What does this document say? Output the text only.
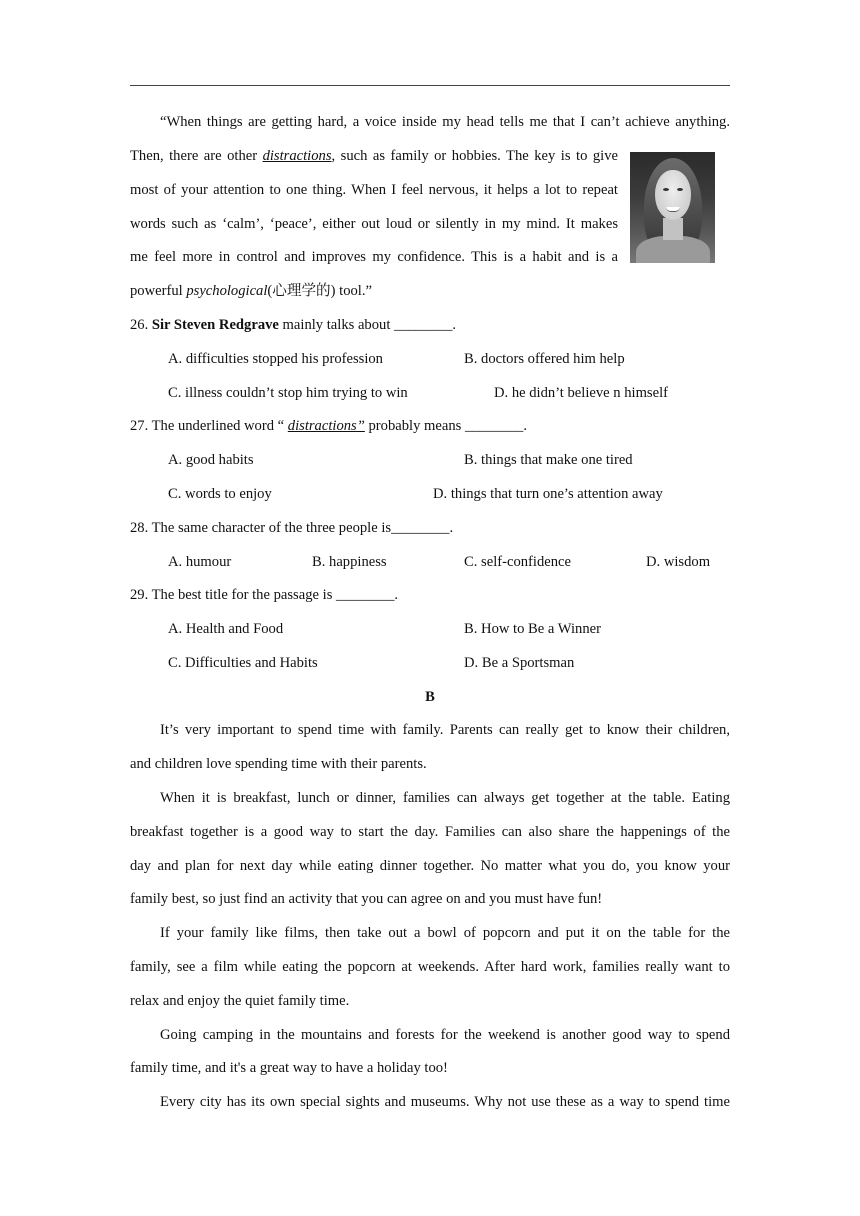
“When things are getting hard, a voice inside my head tells me that I can’t achieve anything.
Then, there are other distractions, such as family or hobbies. The key is to give
most of your attention to one thing. When I feel nervous, it helps a lot to repeat
words such as ‘calm’, ‘peace’, either out loud or silently in my mind. It makes
me feel more in control and improves my confidence. This is a habit and is a
powerful psychological(心理学的) tool.”
26. Sir Steven Redgrave mainly talks about ________.
A. difficulties stopped his profession	B. doctors offered him help
C. illness couldn’t stop him trying to win	D. he didn’t believe n himself
27. The underlined word “ distractions” probably means ________.
A. good habits	B. things that make one tired
C. words to enjoy	D. things that turn one’s attention away
28. The same character of the three people is________.
A. humour	B. happiness	C. self-confidence	D. wisdom
29. The best title for the passage is ________.
A. Health and Food	B. How to Be a Winner
C. Difficulties and Habits	D. Be a Sportsman
B
It’s very important to spend time with family. Parents can really get to know their children,
and children love spending time with their parents.
When it is breakfast, lunch or dinner, families can always get together at the table. Eating
breakfast together is a good way to start the day. Families can also share the happenings of the
day and plan for next day while eating dinner together. No matter what you do, you know your
family best, so just find an activity that you can agree on and you must have fun!
If your family like films, then take out a bowl of popcorn and put it on the table for the
family, see a film while eating the popcorn at weekends. After hard work, families really want to
relax and enjoy the quiet family time.
Going camping in the mountains and forests for the weekend is another good way to spend
family time, and it's a great way to have a holiday too!
Every city has its own special sights and museums. Why not use these as a way to spend time
